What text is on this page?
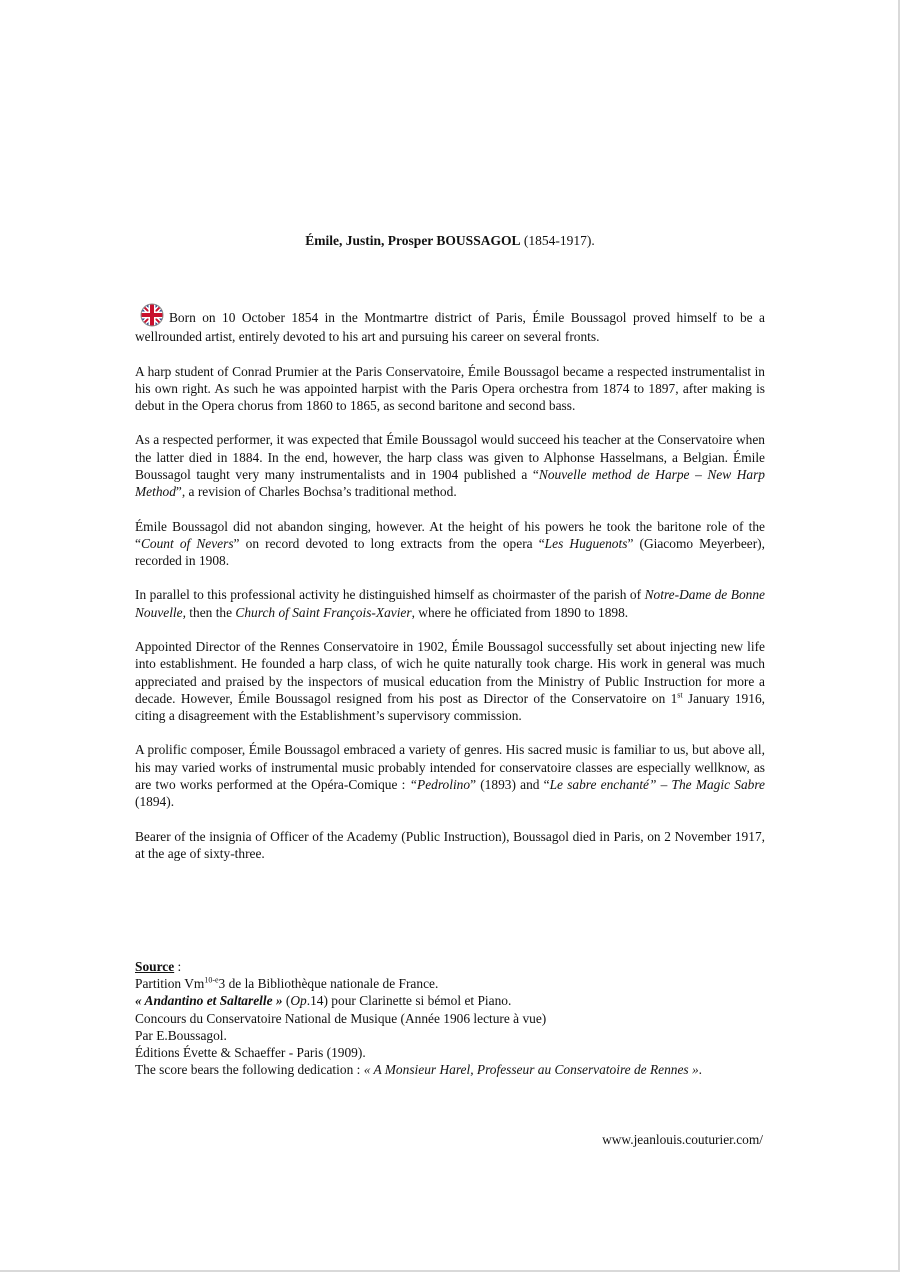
Émile, Justin, Prosper BOUSSAGOL (1854-1917).

Born on 10 October 1854 in the Montmartre district of Paris, Émile Boussagol proved himself to be a wellrounded artist, entirely devoted to his art and pursuing his career on several fronts.

A harp student of Conrad Prumier at the Paris Conservatoire, Émile Boussagol became a respected instrumentalist in his own right. As such he was appointed harpist with the Paris Opera orchestra from 1874 to 1897, after making is debut in the Opera chorus from 1860 to 1865, as second baritone and second bass.

As a respected performer, it was expected that Émile Boussagol would succeed his teacher at the Conservatoire when the latter died in 1884. In the end, however, the harp class was given to Alphonse Hasselmans, a Belgian. Émile Boussagol taught very many instrumentalists and in 1904 published a “Nouvelle method de Harpe – New Harp Method”, a revision of Charles Bochsa’s traditional method.

Émile Boussagol did not abandon singing, however. At the height of his powers he took the baritone role of the “Count of Nevers” on record devoted to long extracts from the opera “Les Huguenots” (Giacomo Meyerbeer), recorded in 1908.

In parallel to this professional activity he distinguished himself as choirmaster of the parish of Notre-Dame de Bonne Nouvelle, then the Church of Saint François-Xavier, where he officiated from 1890 to 1898.

Appointed Director of the Rennes Conservatoire in 1902, Émile Boussagol successfully set about injecting new life into establishment. He founded a harp class, of wich he quite naturally took charge. His work in general was much appreciated and praised by the inspectors of musical education from the Ministry of Public Instruction for more a decade. However, Émile Boussagol resigned from his post as Director of the Conservatoire on 1st January 1916, citing a disagreement with the Establishment’s supervisory commission.

A prolific composer, Émile Boussagol embraced a variety of genres. His sacred music is familiar to us, but above all, his may varied works of instrumental music probably intended for conservatoire classes are especially wellknow, as are two works performed at the Opéra-Comique : “Pedrolino” (1893) and “Le sabre enchanté” – The Magic Sabre (1894).

Bearer of the insignia of Officer of the Academy (Public Instruction), Boussagol died in Paris, on 2 November 1917, at the age of sixty-three.

Source :
Partition Vm$^{10-e}$3 de la Bibliothèque nationale de France.
« Andantino et Saltarelle » (Op.14) pour Clarinette si bémol et Piano.
Concours du Conservatoire National de Musique (Année 1906 lecture à vue)
Par E.Boussagol.
Éditions Évette & Schaeffer - Paris (1909).
The score bears the following dedication : « A Monsieur Harel, Professeur au Conservatoire de Rennes ».
www.jeanlouis.couturier.com/
